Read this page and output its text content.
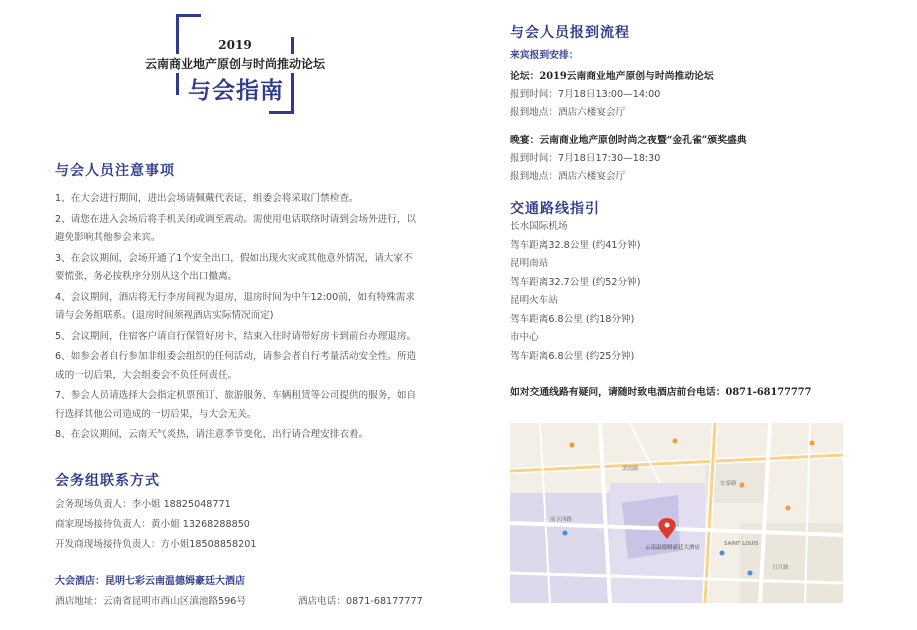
2019
云南商业地产原创与时尚推动论坛
与会指南
与会人员注意事项
1、在大会进行期间，进出会场请佩戴代表证，组委会将采取门禁检查。
2、请您在进入会场后将手机关闭或调至震动。需使用电话联络时请到会场外进行，以避免影响其他参会来宾。
3、在会议期间，会场开通了1个安全出口，假如出现火灾或其他意外情况，请大家不要慌张，务必按秩序分别从这个出口撤离。
4、会议期间，酒店将无行李房间视为退房，退房时间为中午12:00前，如有特殊需求请与会务组联系。(退房时间须视酒店实际情况而定)
5、会议期间，住宿客户请自行保管好房卡，结束入住时请带好房卡到前台办理退房。
6、如参会者自行参加非组委会组织的任何活动，请参会者自行考量活动安全性。所造成的一切后果，大会组委会不负任何责任。
7、参会人员请选择大会指定机票预订、旅游服务、车辆租赁等公司提供的服务，如自行选择其他公司造成的一切后果，与大会无关。
8、在会议期间，云南天气炎热，请注意季节变化，出行请合理安排衣着。
会务组联系方式
会务现场负责人：李小姐 18825048771
商家现场接待负责人：黄小姐 13268288850
开发商现场接待负责人：方小姐18508858201
大会酒店：昆明七彩云南温德姆豪廷大酒店
酒店地址：云南省昆明市西山区滇池路596号	酒店电话：0871-68177777
与会人员报到流程
来宾报到安排：
论坛：2019云南商业地产原创与时尚推动论坛
报到时间：7月18日13:00—14:00
报到地点：酒店六楼宴会厅
晚宴：云南商业地产原创时尚之夜暨“金孔雀”颁奖盛典
报到时间：7月18日17:30—18:30
报到地点：酒店六楼宴会厅
交通路线指引
长水国际机场
驾车距离32.8公里 (约41分钟)
昆明南站
驾车距离32.7公里 (约52分钟)
昆明火车站
驾车距离6.8公里 (约18分钟)
市中心
驾车距离6.8公里 (约25分钟)
如对交通线路有疑问，请随时致电酒店前台电话：0871-68177777
滇池路
宏泰路
SAINT LOUIS
前卫西路
日月路
云南温德姆豪廷大酒店
